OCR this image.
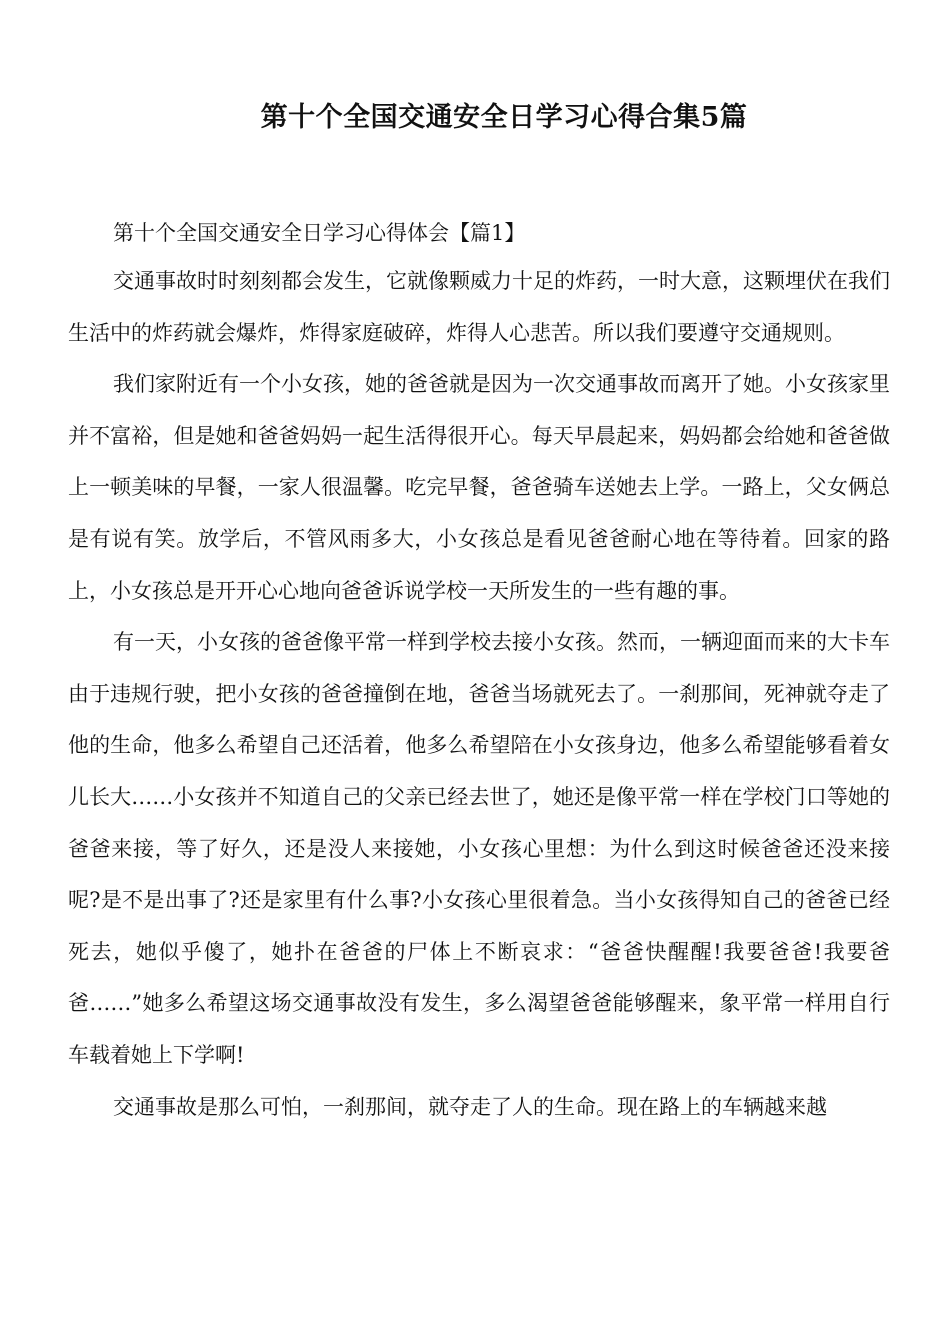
第十个全国交通安全日学习心得合集5篇

第十个全国交通安全日学习心得体会【篇1】

交通事故时时刻刻都会发生，它就像颗威力十足的炸药，一时大意，这颗埋伏在我们生活中的炸药就会爆炸，炸得家庭破碎，炸得人心悲苦。所以我们要遵守交通规则。

我们家附近有一个小女孩，她的爸爸就是因为一次交通事故而离开了她。小女孩家里并不富裕，但是她和爸爸妈妈一起生活得很开心。每天早晨起来，妈妈都会给她和爸爸做上一顿美味的早餐，一家人很温馨。吃完早餐，爸爸骑车送她去上学。一路上，父女俩总是有说有笑。放学后，不管风雨多大，小女孩总是看见爸爸耐心地在等待着。回家的路上，小女孩总是开开心心地向爸爸诉说学校一天所发生的一些有趣的事。

有一天，小女孩的爸爸像平常一样到学校去接小女孩。然而，一辆迎面而来的大卡车由于违规行驶，把小女孩的爸爸撞倒在地，爸爸当场就死去了。一刹那间，死神就夺走了他的生命，他多么希望自己还活着，他多么希望陪在小女孩身边，他多么希望能够看着女儿长大……小女孩并不知道自己的父亲已经去世了，她还是像平常一样在学校门口等她的爸爸来接，等了好久，还是没人来接她，小女孩心里想：为什么到这时候爸爸还没来接呢?是不是出事了?还是家里有什么事?小女孩心里很着急。当小女孩得知自己的爸爸已经死去，她似乎傻了，她扑在爸爸的尸体上不断哀求：“爸爸快醒醒!我要爸爸!我要爸爸……”她多么希望这场交通事故没有发生，多么渴望爸爸能够醒来，象平常一样用自行车载着她上下学啊!

交通事故是那么可怕，一刹那间，就夺走了人的生命。现在路上的车辆越来越
